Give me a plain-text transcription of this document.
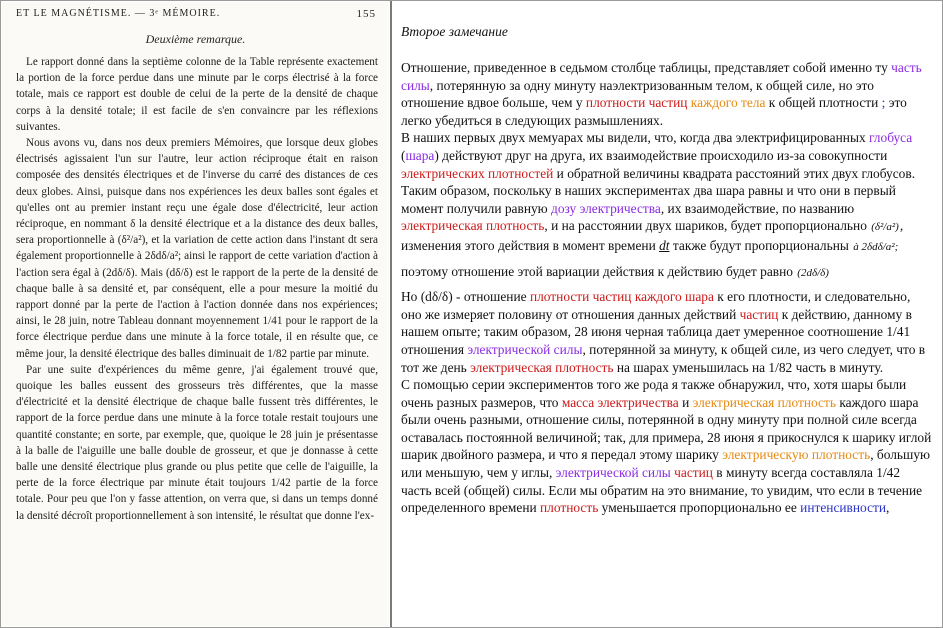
ET LE MAGNÉTISME. — 3ᵉ MÉMOIRE.	155
Deuxième remarque.

Le rapport donné dans la septième colonne de la Table représente exactement la portion de la force perdue dans une minute par le corps électrisé à la force totale, mais ce rapport est double de celui de la perte de la densité de chaque corps à la densité totale; il est facile de s'en convaincre par les réflexions suivantes.

Nous avons vu, dans nos deux premiers Mémoires, que lorsque deux globes électrisés agissaient l'un sur l'autre, leur action réciproque était en raison composée des densités électriques et de l'inverse du carré des distances de ces deux globes. Ainsi, puisque dans nos expériences les deux balles sont égales et qu'elles ont au premier instant reçu une égale dose d'électricité, leur action réciproque, en nommant δ la densité électrique et a la distance des deux balles, sera proportionnelle à (δ²/a²), et la variation de cette action dans l'instant dt sera également proportionnelle à 2δdδ/a²; ainsi le rapport de cette variation d'action à l'action sera égal à (2dδ/δ). Mais (dδ/δ) est le rapport de la perte de la densité de chaque balle à sa densité et, par conséquent, elle a pour mesure la moitié du rapport donné par la perte de l'action à l'action donnée dans nos expériences; ainsi, le 28 juin, notre Tableau donnant moyennement 1/41 pour le rapport de la force électrique perdue dans une minute à la force totale, il en résulte que, ce même jour, la densité électrique des balles diminuait de 1/82 partie par minute.

Par une suite d'expériences du même genre, j'ai également trouvé que, quoique les balles eussent des grosseurs très différentes, que la masse d'électricité et la densité électrique de chaque balle fussent très différentes, le rapport de la force perdue dans une minute à la force totale restait toujours une quantité constante; en sorte, par exemple, que, quoique le 28 juin je présentasse à la balle de l'aiguille une balle double de grosseur, et que je donnasse à cette balle une densité électrique plus grande ou plus petite que celle de l'aiguille, la perte de la force électrique par minute était toujours 1/42 partie de la force totale. Pour peu que l'on y fasse attention, on verra que, si dans un temps donné la densité décroît proportionnellement à son intensité, le résultat que donne l'ex-

Второе замечание

Отношение, приведенное в седьмом столбце таблицы, представляет собой именно ту часть силы, потерянную за одну минуту наэлектризованным телом, к общей силе, но это отношение вдвое больше, чем у плотности частиц каждого тела к общей плотности ; это легко убедиться в следующих размышлениях.

В наших первых двух мемуарах мы видели, что, когда два электрифицированных глобуса (шара) действуют друг на друга, их взаимодействие происходило из-за совокупности электрических плотностей и обратной величины квадрата расстояний этих двух глобусов. Таким образом, поскольку в наших экспериментах два шара равны и что они в первый момент получили равную дозу электричества, их взаимодействие, по названию электрическая плотность, и на расстоянии двух шариков, будет пропорционально (δ²/a²), изменения этого действия в момент времени dt также будут пропорциональны à 2δdδ/a²;

поэтому отношение этой вариации действия к действию будет равно (2dδ/δ)

Но (dδ/δ) - отношение плотности частиц каждого шара к его плотности, и следовательно, оно же измеряет половину от отношения данных действий частиц к действию, данному в нашем опыте; таким образом, 28 июня черная таблица дает умеренное соотношение 1/41 отношения электрической силы, потерянной за минуту, к общей силе, из чего следует, что в тот же день электрическая плотность на шарах уменьшилась на 1/82 часть в минуту.

С помощью серии экспериментов того же рода я также обнаружил, что, хотя шары были очень разных размеров, что масса электричества и электрическая плотность каждого шара были очень разными, отношение силы, потерянной в одну минуту при полной силе всегда оставалась постоянной величиной; так, для примера, 28 июня я прикоснулся к шарику иглой шарик двойного размера, и что я передал этому шарику электрическую плотность, большую или меньшую, чем у иглы, электрической силы частиц в минуту всегда составляла 1/42 часть всей (общей) силы. Если мы обратим на это внимание, то увидим, что если в течение определенного времени плотность уменьшается пропорционально ее интенсивности,
